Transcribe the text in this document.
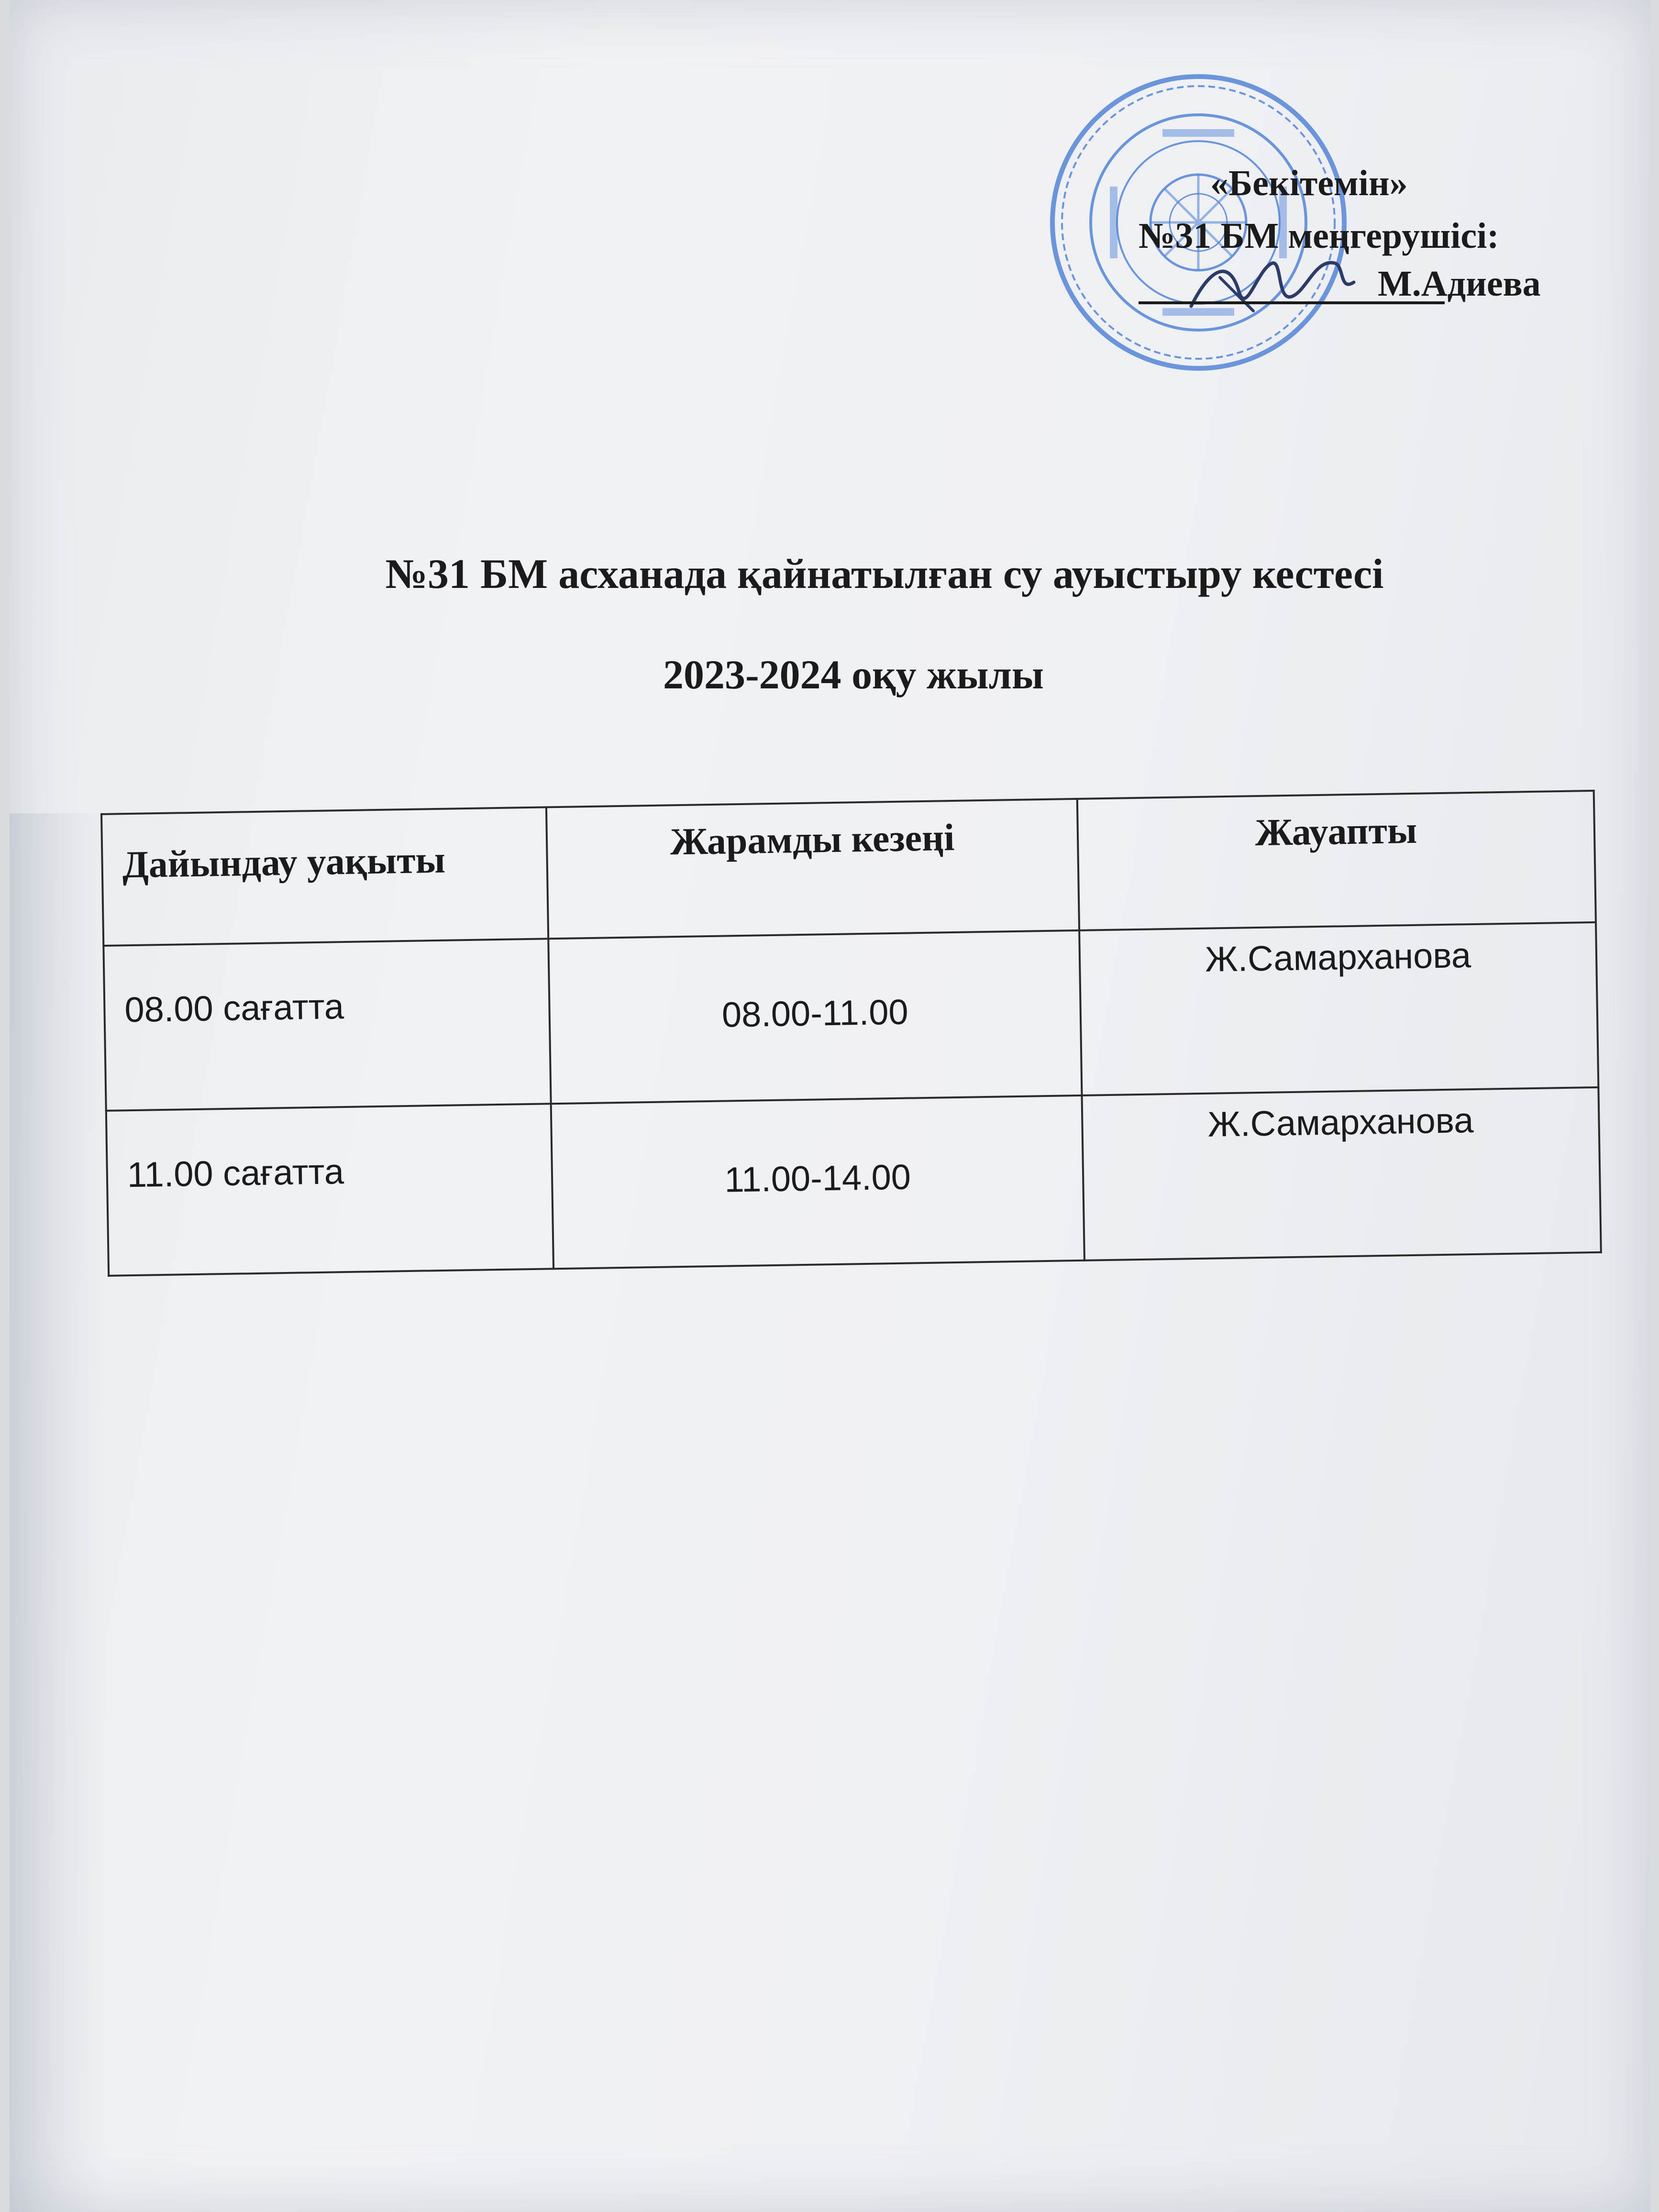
«Бекітемін»
№31 БМ меңгерушісі:
М.Адиева
№31 БМ асханада қайнатылған су ауыстыру кестесі
2023-2024 оқу жылы
Дайындау уақыты	Жарамды кезеңі	Жауапты
08.00 сағатта	08.00-11.00	Ж.Самарханова
11.00 сағатта	11.00-14.00	Ж.Самарханова
